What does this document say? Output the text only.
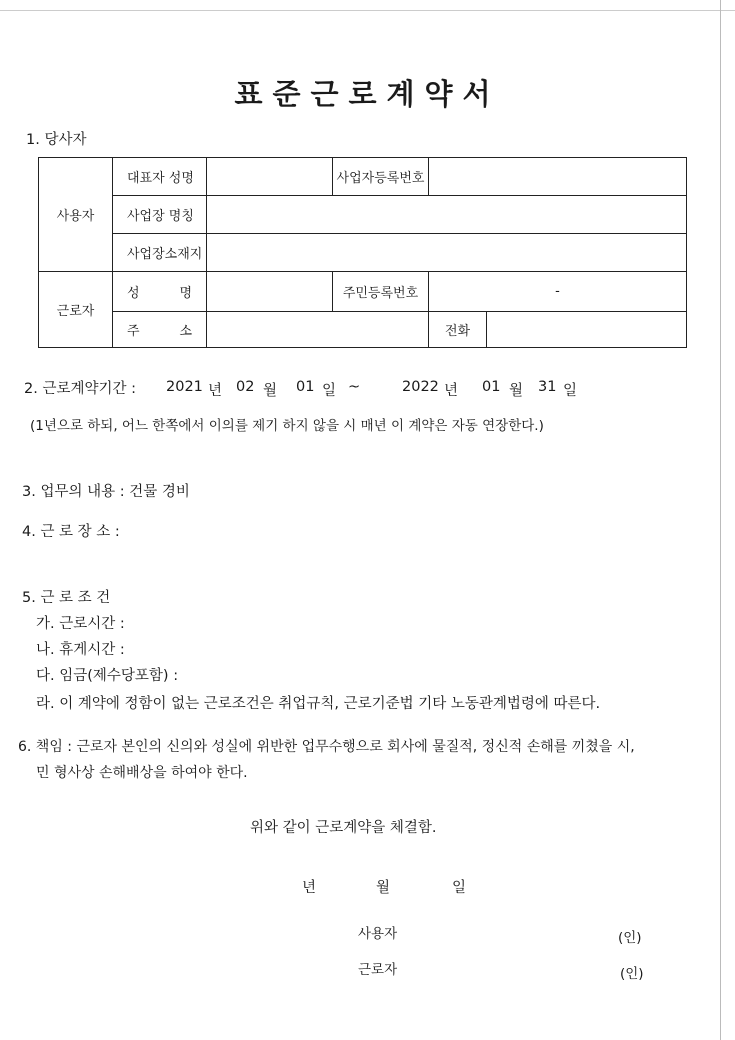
표준근로계약서
1. 당사자
사용자	대표자 성명		사업자등록번호		
	사업장 명칭				
	사업장소재지				
근로자	성 명		주민등록번호	-	

	주 소			전화	
2. 근로계약기간 : 2021 년 02 월 01 일 ~	2022 년 01 월 31 일
(1년으로 하되, 어느 한쪽에서 이의를 제기 하지 않을 시 매년 이 계약은 자동 연장한다.)
3. 업무의 내용 : 건물 경비
4. 근 로 장 소 :
5. 근 로 조 건
가. 근로시간 :
나. 휴게시간 :
다. 임금(제수당포함) :
라. 이 계약에 정함이 없는 근로조건은 취업규칙, 근로기준법 기타 노동관계법령에 따른다.
6. 책임 : 근로자 본인의 신의와 성실에 위반한 업무수행으로 회사에 물질적, 정신적 손해를 끼쳤을 시,
민 형사상 손해배상을 하여야 한다.
위와 같이 근로계약을 체결함.
년	월	일
사용자	(인)
근로자	(인)
